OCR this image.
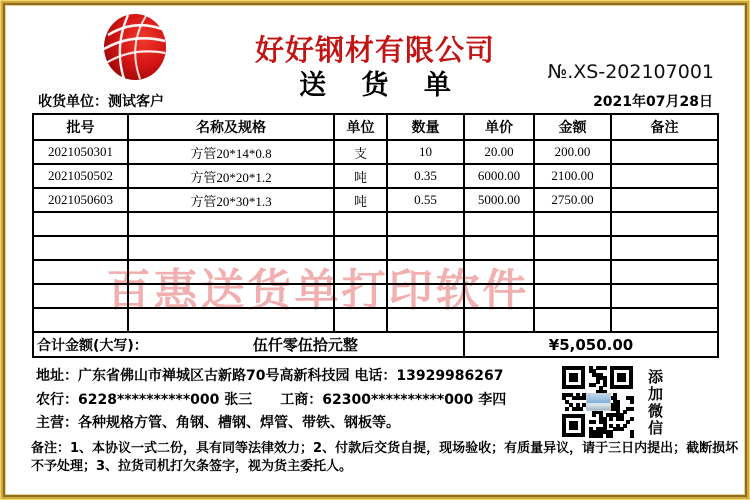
好好钢材有限公司
送 货 单	№.XS-202107001
收货单位：测试客户	2021年07月28日
百惠送货单打印软件
批号	名称及规格	单位	数量	单价	金额	备注
2021050301	方管20*14*0.8	支	10	20.00	200.00	
2021050502	方管20*20*1.2	吨	0.35	6000.00	2100.00	
2021050603	方管20*30*1.3	吨	0.55	5000.00	2750.00	

合计金额(大写)： 伍仟零伍拾元整				¥5,050.00		
地址：广东省佛山市禅城区古新路70号高新科技园 电话：13929986267
农行：6228**********000 张三　　工商：62300**********000 李四
主营：各种规格方管、角钢、槽钢、焊管、带铁、钢板等。
备注：1、本协议一式二份，具有同等法律效力；2、付款后交货自提，现场验收；有质量异议，请于三日内提出；截断损坏
不予处理；3、拉货司机打欠条签字，视为货主委托人。
添加微信
